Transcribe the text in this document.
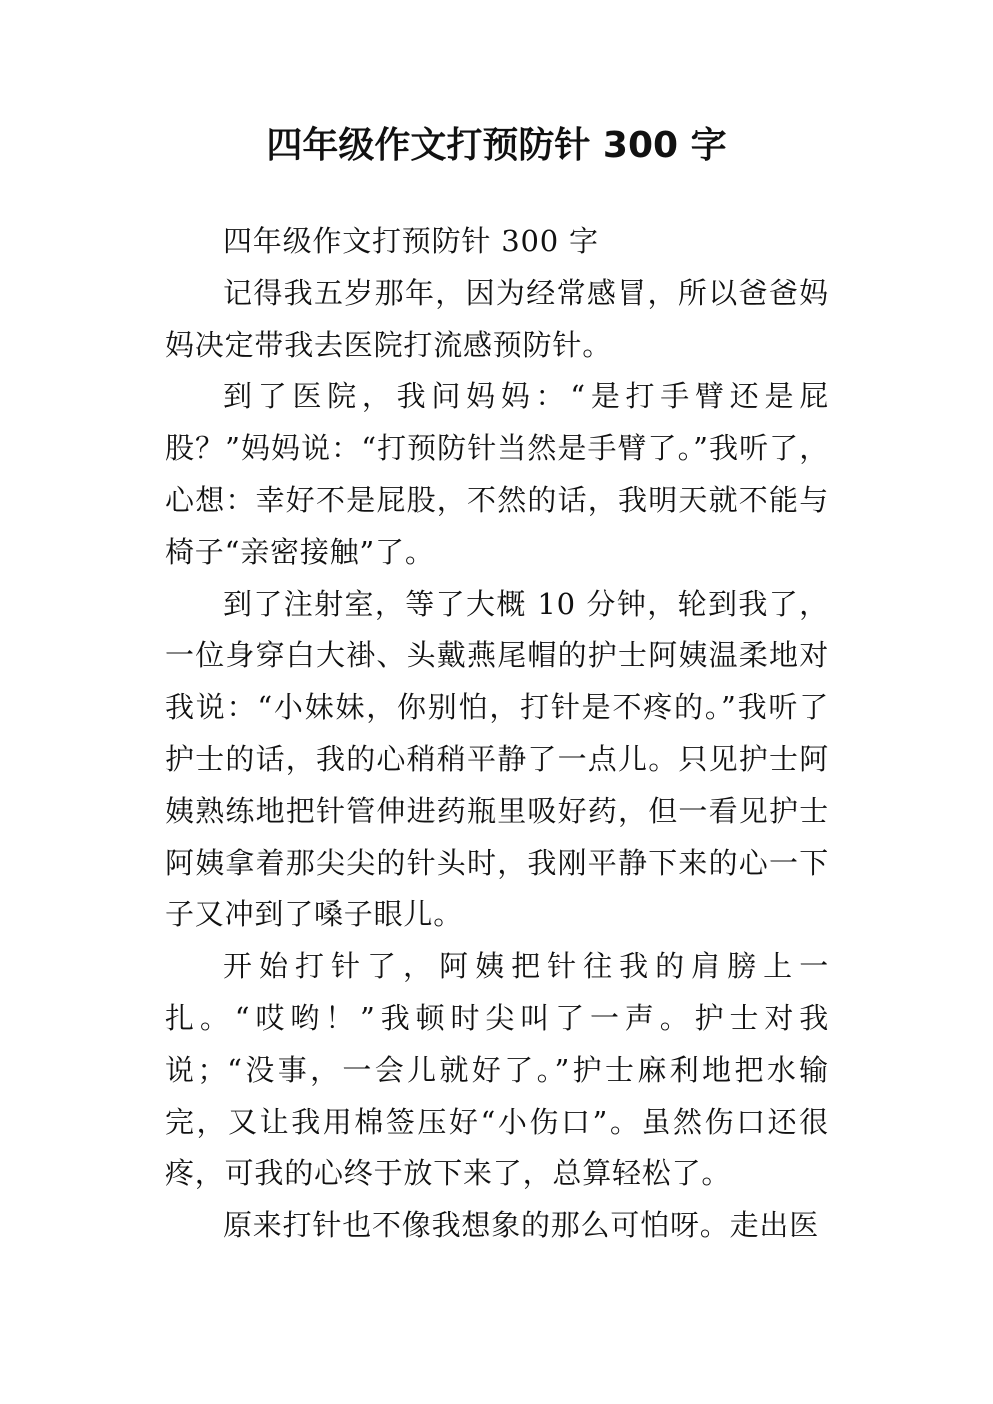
四年级作文打预防针 300 字

四年级作文打预防针 300 字

记得我五岁那年，因为经常感冒，所以爸爸妈妈决定带我去医院打流感预防针。

到了医院，我问妈妈：“是打手臂还是屁股？”妈妈说：“打预防针当然是手臂了。”我听了，心想：幸好不是屁股，不然的话，我明天就不能与椅子“亲密接触”了。

到了注射室，等了大概 10 分钟，轮到我了，一位身穿白大褂、头戴燕尾帽的护士阿姨温柔地对我说：“小妹妹，你别怕，打针是不疼的。”我听了护士的话，我的心稍稍平静了一点儿。只见护士阿姨熟练地把针管伸进药瓶里吸好药，但一看见护士阿姨拿着那尖尖的针头时，我刚平静下来的心一下子又冲到了嗓子眼儿。

开始打针了，阿姨把针往我的肩膀上一扎。“哎哟！”我顿时尖叫了一声。护士对我说；“没事，一会儿就好了。”护士麻利地把水输完，又让我用棉签压好“小伤口”。虽然伤口还很疼，可我的心终于放下来了，总算轻松了。

原来打针也不像我想象的那么可怕呀。走出医
